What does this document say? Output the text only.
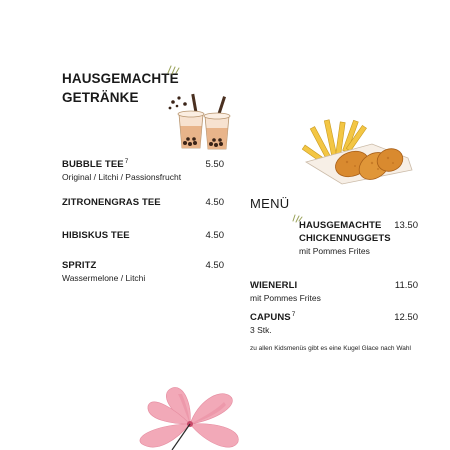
HAUSGEMACHTE
GETRÄNKE
BUBBLE TEE$^7$
Original / Litchi / Passionsfrucht
5.50
ZITRONENGRAS TEE	4.50
HIBISKUS TEE	4.50
SPRITZ
Wassermelone / Litchi
4.50
MENÜ
HAUSGEMACHTE
CHICKENNUGGETS
mit Pommes Frites
13.50
WIENERLI
mit Pommes Frites
11.50
CAPUNS$^7$
3 Stk.
12.50
zu allen Kidsmenüs gibt es eine Kugel Glace nach Wahl
